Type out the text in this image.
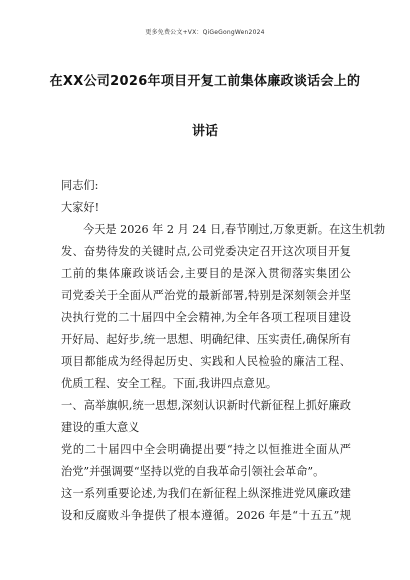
更多免费公文+VX：QiGeGongWen2024
在XX公司2026年项目开复工前集体廉政谈话会上的
讲话
同志们:
大家好!
今天是 2026 年 2 月 24 日,春节刚过,万象更新。在这生机勃
发、奋势待发的关键时点,公司党委决定召开这次项目开复
工前的集体廉政谈话会,主要目的是深入贯彻落实集团公
司党委关于全面从严治党的最新部署,特别是深刻领会并坚
决执行党的二十届四中全会精神,为全年各项工程项目建设
开好局、起好步,统一思想、明确纪律、压实责任,确保所有
项目都能成为经得起历史、实践和人民检验的廉洁工程、
优质工程、安全工程。下面,我讲四点意见。
一、高举旗帜,统一思想,深刻认识新时代新征程上抓好廉政
建设的重大意义
党的二十届四中全会明确提出要“持之以恒推进全面从严
治党”并强调要“坚持以党的自我革命引领社会革命”。
这一系列重要论述,为我们在新征程上纵深推进党风廉政建
设和反腐败斗争提供了根本遵循。2026 年是“十五五”规
